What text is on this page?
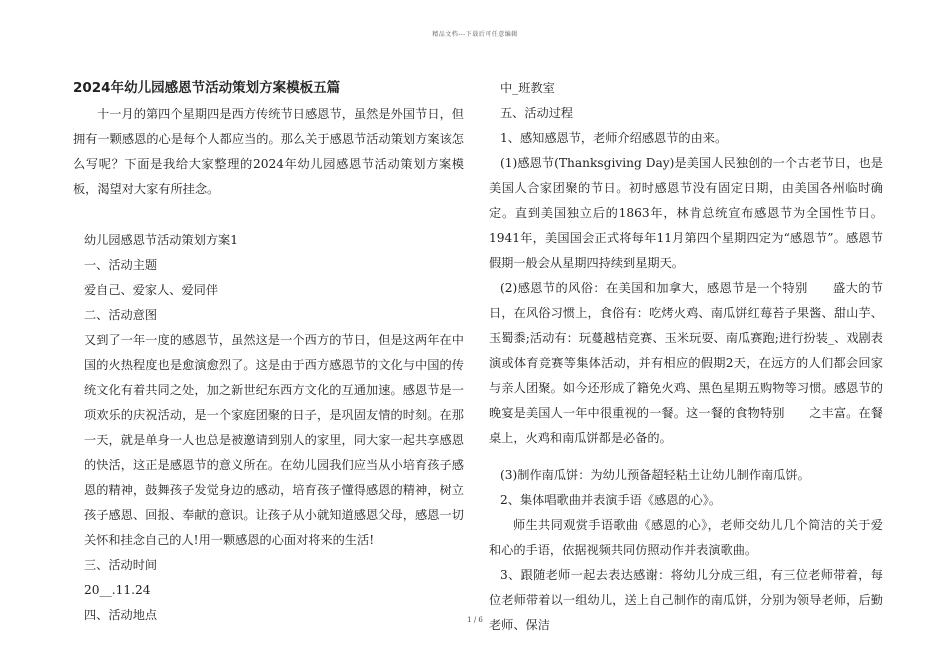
精品文档---下载后可任意编辑

2024年幼儿园感恩节活动策划方案模板五篇

十一月的第四个星期四是西方传统节日感恩节，虽然是外国节日，但拥有一颗感恩的心是每个人都应当的。那么关于感恩节活动策划方案该怎么写呢？下面是我给大家整理的2024年幼儿园感恩节活动策划方案模板，渴望对大家有所挂念。

幼儿园感恩节活动策划方案1

一、活动主题

爱自己、爱家人、爱同伴

二、活动意图

又到了一年一度的感恩节，虽然这是一个西方的节日，但是这两年在中国的火热程度也是愈演愈烈了。这是由于西方感恩节的文化与中国的传统文化有着共同之处，加之新世纪东西方文化的互通加速。感恩节是一项欢乐的庆祝活动，是一个家庭团聚的日子，是巩固友情的时刻。在那一天，就是单身一人也总是被邀请到别人的家里，同大家一起共享感恩的快活，这正是感恩节的意义所在。在幼儿园我们应当从小培育孩子感恩的精神，鼓舞孩子发觉身边的感动，培育孩子懂得感恩的精神，树立孩子感恩、回报、奉献的意识。让孩子从小就知道感恩父母，感恩一切关怀和挂念自己的人!用一颗感恩的心面对将来的生活!

三、活动时间

20__.11.24

四、活动地点

中_班教室

五、活动过程

1、感知感恩节，老师介绍感恩节的由来。

(1)感恩节(Thanksgiving Day)是美国人民独创的一个古老节日，也是美国人合家团聚的节日。初时感恩节没有固定日期，由美国各州临时确定。直到美国独立后的1863年，林肯总统宣布感恩节为全国性节日。1941年，美国国会正式将每年11月第四个星期四定为“感恩节”。感恩节假期一般会从星期四持续到星期天。

(2)感恩节的风俗：在美国和加拿大，感恩节是一个特别　　盛大的节日，在风俗习惯上，食俗有：吃烤火鸡、南瓜饼红莓苔子果酱、甜山芋、玉蜀黍;活动有：玩蔓越桔竞赛、玉米玩耍、南瓜赛跑;进行扮装_、戏剧表演或体育竞赛等集体活动，并有相应的假期2天，在远方的人们都会回家与亲人团聚。如今还形成了籍免火鸡、黑色星期五购物等习惯。感恩节的晚宴是美国人一年中很重视的一餐。这一餐的食物特别　　之丰富。在餐桌上，火鸡和南瓜饼都是必备的。

(3)制作南瓜饼：为幼儿预备超轻粘土让幼儿制作南瓜饼。

2、集体唱歌曲并表演手语《感恩的心》。

师生共同观赏手语歌曲《感恩的心》，老师交幼儿几个简洁的关于爱和心的手语，依据视频共同仿照动作并表演歌曲。

3、跟随老师一起去表达感谢：将幼儿分成三组，有三位老师带着，每位老师带着以一组幼儿，送上自己制作的南瓜饼，分别为领导老师，后勤老师、保洁

1 / 6
